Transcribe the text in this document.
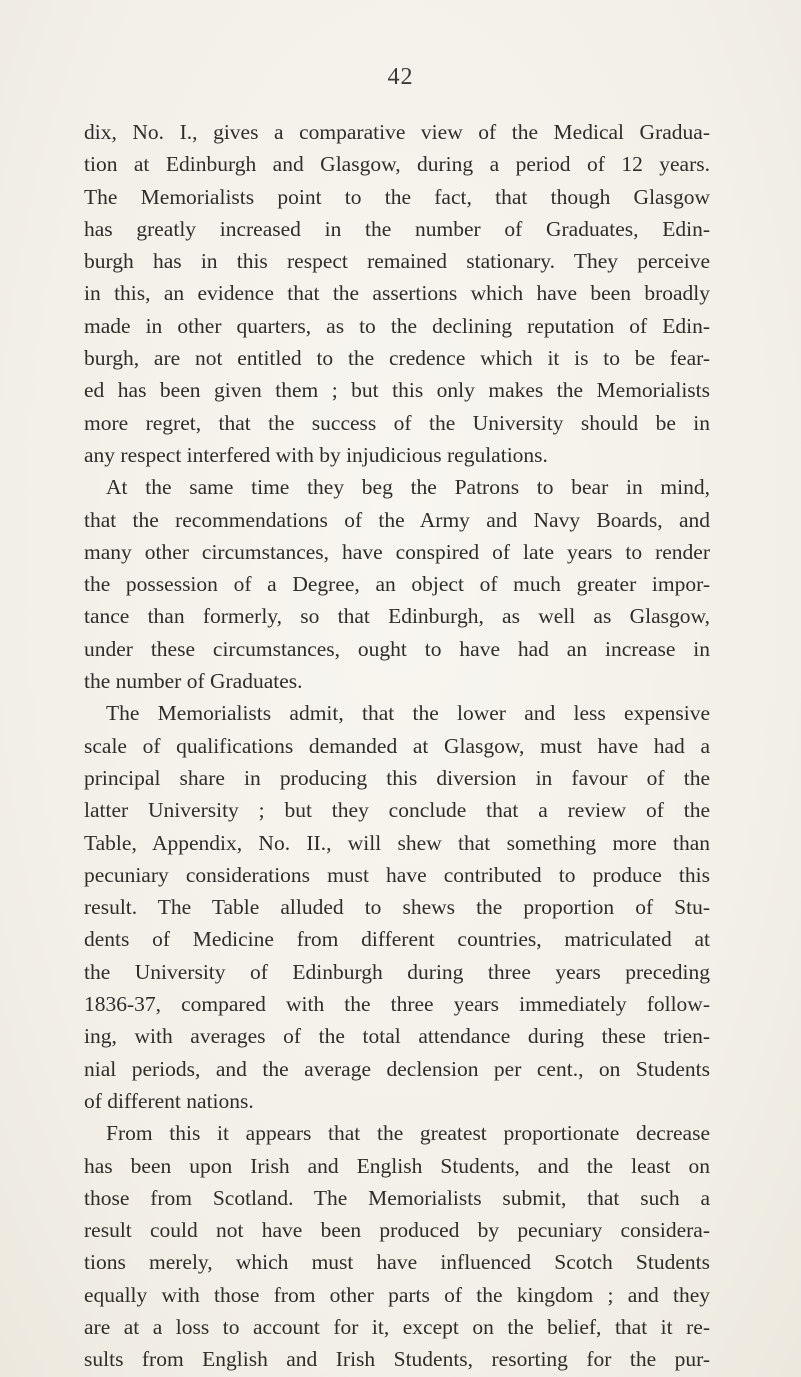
42
dix, No. I., gives a comparative view of the Medical Gradua-
tion at Edinburgh and Glasgow, during a period of 12 years.
The Memorialists point to the fact, that though Glasgow
has greatly increased in the number of Graduates, Edin-
burgh has in this respect remained stationary. They perceive
in this, an evidence that the assertions which have been broadly
made in other quarters, as to the declining reputation of Edin-
burgh, are not entitled to the credence which it is to be fear-
ed has been given them ; but this only makes the Memorialists
more regret, that the success of the University should be in
any respect interfered with by injudicious regulations.
At the same time they beg the Patrons to bear in mind,
that the recommendations of the Army and Navy Boards, and
many other circumstances, have conspired of late years to render
the possession of a Degree, an object of much greater impor-
tance than formerly, so that Edinburgh, as well as Glasgow,
under these circumstances, ought to have had an increase in
the number of Graduates.
The Memorialists admit, that the lower and less expensive
scale of qualifications demanded at Glasgow, must have had a
principal share in producing this diversion in favour of the
latter University ; but they conclude that a review of the
Table, Appendix, No. II., will shew that something more than
pecuniary considerations must have contributed to produce this
result. The Table alluded to shews the proportion of Stu-
dents of Medicine from different countries, matriculated at
the University of Edinburgh during three years preceding
1836-37, compared with the three years immediately follow-
ing, with averages of the total attendance during these trien-
nial periods, and the average declension per cent., on Students
of different nations.
From this it appears that the greatest proportionate decrease
has been upon Irish and English Students, and the least on
those from Scotland. The Memorialists submit, that such a
result could not have been produced by pecuniary considera-
tions merely, which must have influenced Scotch Students
equally with those from other parts of the kingdom ; and they
are at a loss to account for it, except on the belief, that it re-
sults from English and Irish Students, resorting for the pur-
